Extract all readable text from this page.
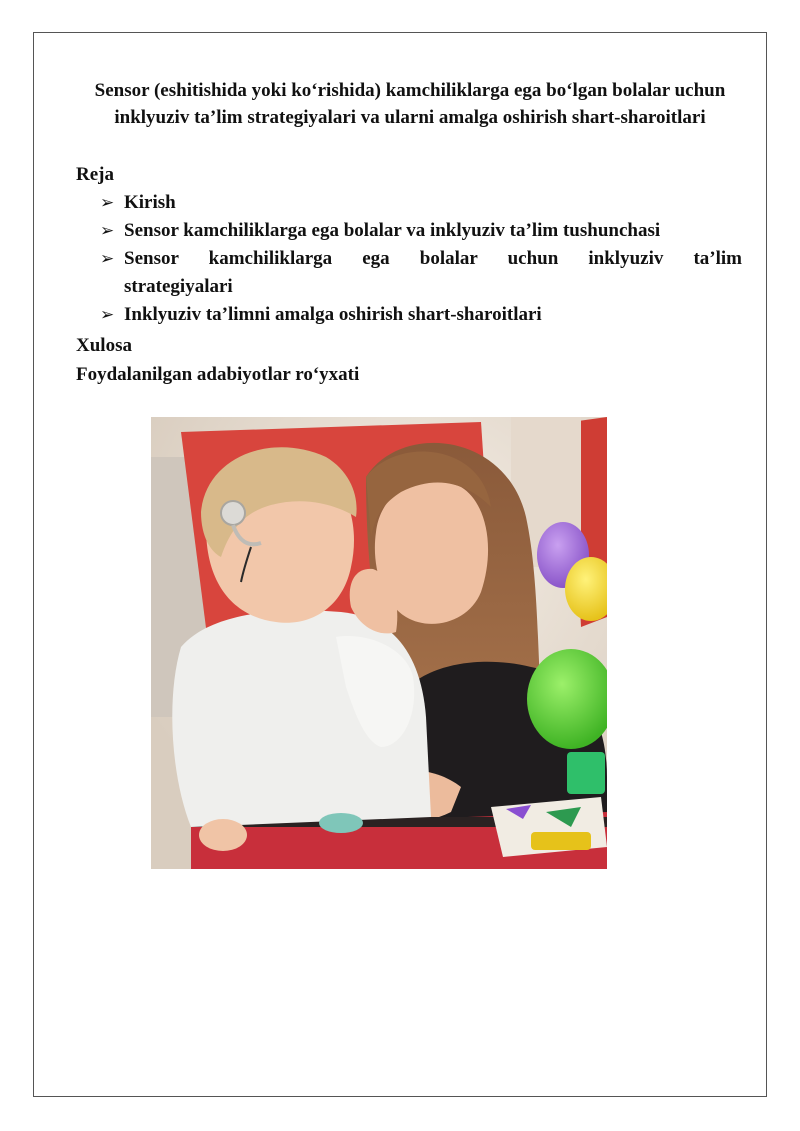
Sensor (eshitishida yoki ko‘rishida) kamchiliklarga ega bo‘lgan bolalar uchun inklyuziv ta’lim strategiyalari va ularni amalga oshirish shart-sharoitlari
Reja
➢ Kirish
➢ Sensor kamchiliklarga ega bolalar va inklyuziv ta’lim tushunchasi
➢ Sensor kamchiliklarga ega bolalar uchun inklyuziv ta’lim
strategiyalari
➢ Inklyuziv ta’limni amalga oshirish shart-sharoitlari
Xulosa
Foydalanilgan adabiyotlar ro‘yxati
